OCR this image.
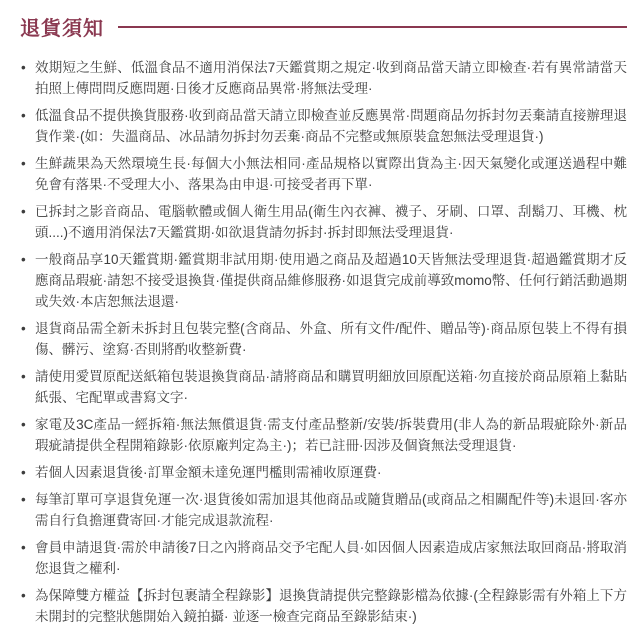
退貨須知
• 效期短之生鮮、低溫食品不適用消保法7天鑑賞期之規定·收到商品當天請立即檢查·若有異常請當天拍照上傳問問反應問題·日後才反應商品異常·將無法受理·
• 低溫食品不提供換貨服務·收到商品當天請立即檢查並反應異常·問題商品勿拆封勿丟棄請直接辦理退貨作業·(如：失溫商品、冰品請勿拆封勿丟棄·商品不完整或無原裝盒恕無法受理退貨·)
• 生鮮蔬果為天然環境生長·每個大小無法相同·產品規格以實際出貨為主·因天氣變化或運送過程中難免會有落果·不受理大小、落果為由申退·可接受者再下單·
• 已拆封之影音商品、電腦軟體或個人衛生用品(衛生內衣褲、襪子、牙刷、口罩、刮鬍刀、耳機、枕頭....)不適用消保法7天鑑賞期·如欲退貨請勿拆封·拆封即無法受理退貨·
• 一般商品享10天鑑賞期·鑑賞期非試用期·使用過之商品及超過10天皆無法受理退貨·超過鑑賞期才反應商品瑕疵·請恕不接受退換貨·僅提供商品維修服務·如退貨完成前導致momo幣、任何行銷活動過期或失效·本店恕無法退還·
• 退貨商品需全新未拆封且包裝完整(含商品、外盒、所有文件/配件、贈品等)·商品原包裝上不得有損傷、髒污、塗寫·否則將酌收整新費·
• 請使用愛買原配送紙箱包裝退換貨商品·請將商品和購買明細放回原配送箱·勿直接於商品原箱上黏貼紙張、宅配單或書寫文字·
• 家電及3C產品一經拆箱·無法無償退貨·需支付產品整新/安裝/拆裝費用(非人為的新品瑕疵除外·新品瑕疵請提供全程開箱錄影·依原廠判定為主·)；若已註冊·因涉及個資無法受理退貨·
• 若個人因素退貨後·訂單金額未達免運門檻則需補收原運費·
• 每筆訂單可享退貨免運一次·退貨後如需加退其他商品或隨貨贈品(或商品之相關配件等)未退回·客亦需自行負擔運費寄回·才能完成退款流程·
• 會員申請退貨·需於申請後7日之內將商品交予宅配人員·如因個人因素造成店家無法取回商品·將取消您退貨之權利·
• 為保障雙方權益【拆封包裹請全程錄影】退換貨請提供完整錄影檔為依據·(全程錄影需有外箱上下方未開封的完整狀態開始入鏡拍攝· 並逐一檢查完商品至錄影結束·)
